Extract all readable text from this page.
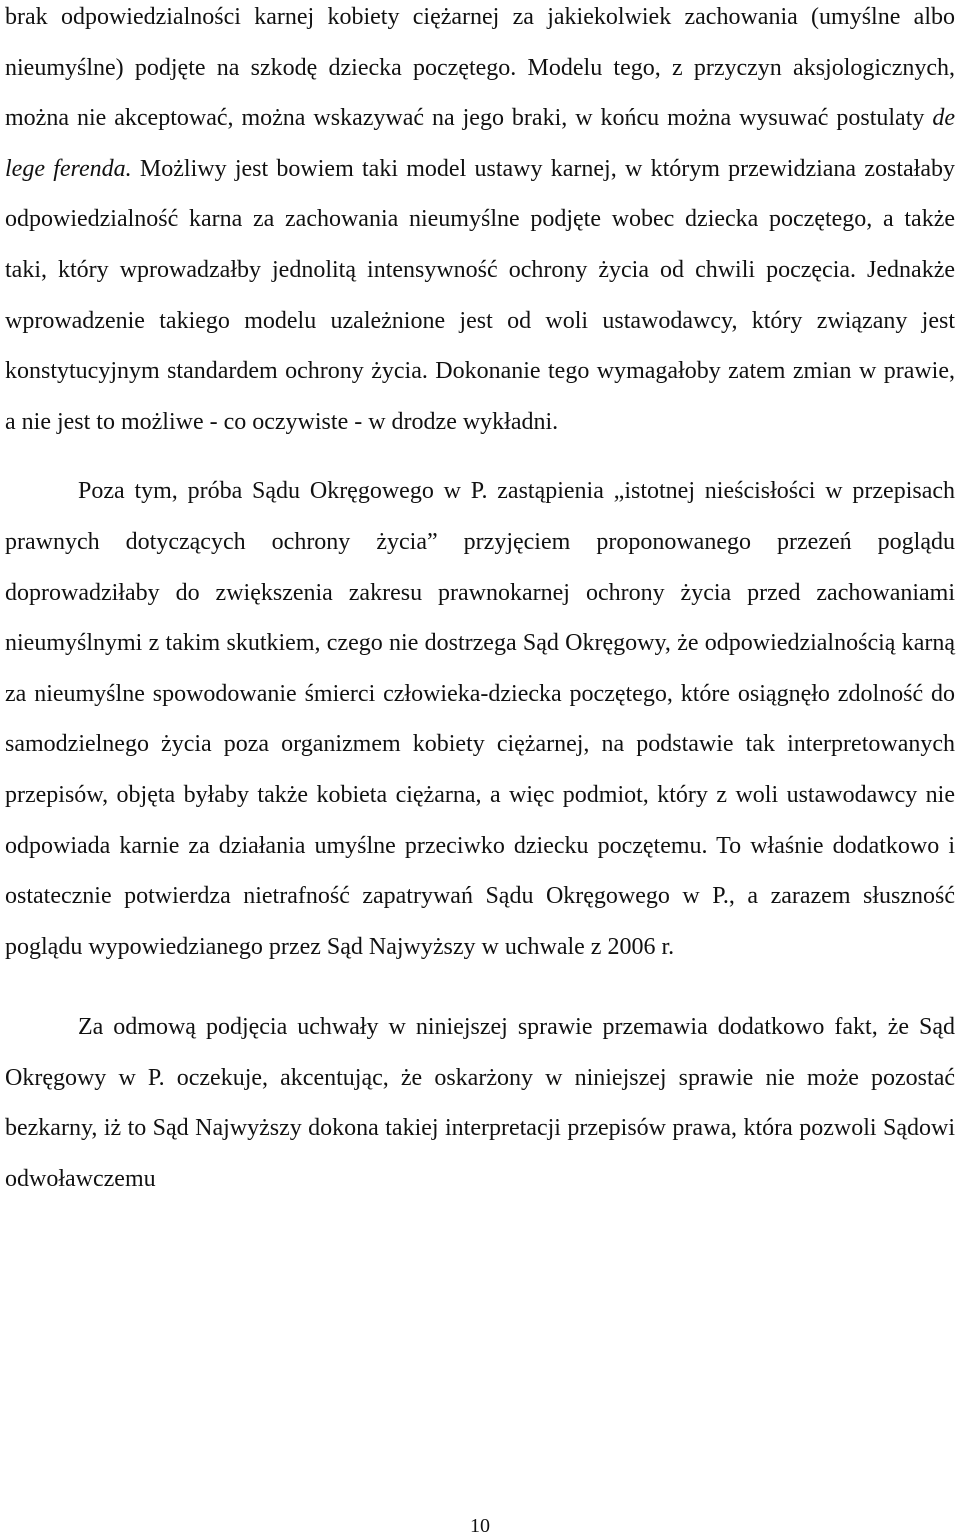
brak odpowiedzialności karnej kobiety ciężarnej za jakiekolwiek zachowania (umyślne albo nieumyślne) podjęte na szkodę dziecka poczętego. Modelu tego, z przyczyn aksjologicznych, można nie akceptować, można wskazywać na jego braki, w końcu można wysuwać postulaty de lege ferenda. Możliwy jest bowiem taki model ustawy karnej, w którym przewidziana zostałaby odpowiedzialność karna za zachowania nieumyślne podjęte wobec dziecka poczętego, a także taki, który wprowadzałby jednolitą intensywność ochrony życia od chwili poczęcia. Jednakże wprowadzenie takiego modelu uzależnione jest od woli ustawodawcy, który związany jest konstytucyjnym standardem ochrony życia. Dokonanie tego wymagałoby zatem zmian w prawie, a nie jest to możliwe - co oczywiste - w drodze wykładni.

Poza tym, próba Sądu Okręgowego w P. zastąpienia „istotnej nieścisłości w przepisach prawnych dotyczących ochrony życia” przyjęciem proponowanego przezeń poglądu doprowadziłaby do zwiększenia zakresu prawnokarnej ochrony życia przed zachowaniami nieumyślnymi z takim skutkiem, czego nie dostrzega Sąd Okręgowy, że odpowiedzialnością karną za nieumyślne spowodowanie śmierci człowieka-dziecka poczętego, które osiągnęło zdolność do samodzielnego życia poza organizmem kobiety ciężarnej, na podstawie tak interpretowanych przepisów, objęta byłaby także kobieta ciężarna, a więc podmiot, który z woli ustawodawcy nie odpowiada karnie za działania umyślne przeciwko dziecku poczętemu. To właśnie dodatkowo i ostatecznie potwierdza nietrafność zapatrywań Sądu Okręgowego w P., a zarazem słuszność poglądu wypowiedzianego przez Sąd Najwyższy w uchwale z 2006 r.

Za odmową podjęcia uchwały w niniejszej sprawie przemawia dodatkowo fakt, że Sąd Okręgowy w P. oczekuje, akcentując, że oskarżony w niniejszej sprawie nie może pozostać bezkarny, iż to Sąd Najwyższy dokona takiej interpretacji przepisów prawa, która pozwoli Sądowi odwoławczemu

10
